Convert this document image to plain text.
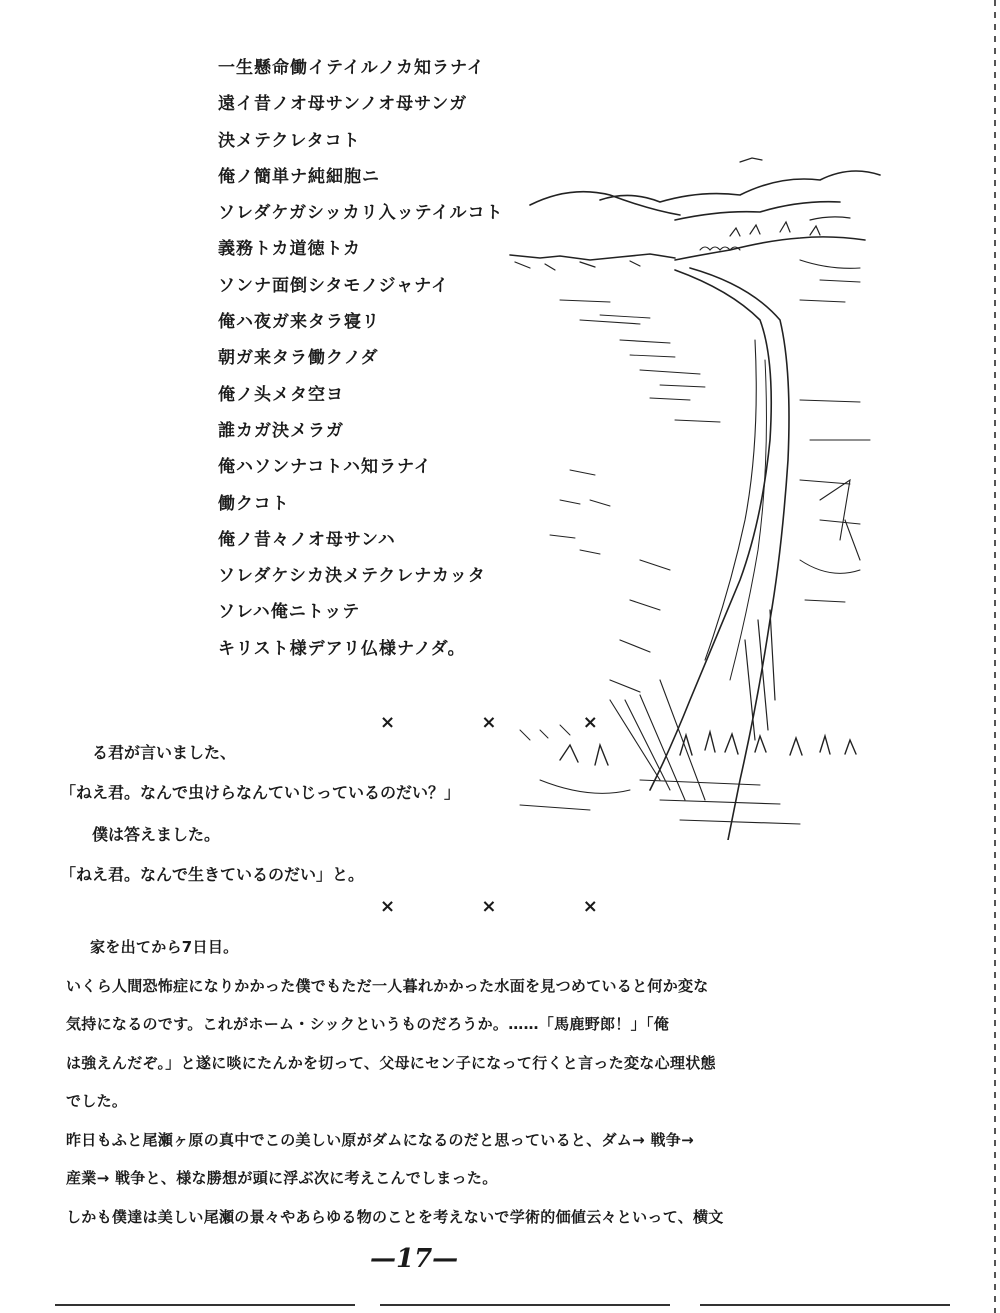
一生懸命働イテイルノカ知ラナイ
遠イ昔ノオ母サンノオ母サンガ
決メテクレタコト
俺ノ簡単ナ純細胞ニ
ソレダケガシッカリ入ッテイルコト
義務トカ道徳トカ
ソンナ面倒シタモノジャナイ
俺ハ夜ガ来タラ寝リ
朝ガ来タラ働クノダ
俺ノ头メタ空ヨ
誰カガ決メラガ
俺ハソンナコトハ知ラナイ
働クコト
俺ノ昔々ノオ母サンハ
ソレダケシカ決メテクレナカッタ
ソレハ俺ニトッテ
キリスト様デアリ仏様ナノダ。
× × ×
る君が言いました、
「ねえ君。なんで虫けらなんていじっているのだい？」
僕は答えました。
「ねえ君。なんで生きているのだい」と。
× × ×
家を出てから7日目。
いくら人間恐怖症になりかかった僕でもただ一人暮れかかった水面を見つめていると何か変な
気持になるのです。これがホーム・シックというものだろうか。……「馬鹿野郎！」「俺
は強えんだぞ。」と遂に啖にたんかを切って、父母にセン子になって行くと言った変な心理状態
でした。
昨日もふと尾瀬ヶ原の真中でこの美しい原がダムになるのだと思っていると、ダム→ 戦争→
産業→ 戦争と、様な勝想が頭に浮ぶ次に考えこんでしまった。
しかも僕達は美しい尾瀬の景々やあらゆる物のことを考えないで学術的価値云々といって、横文
—17—
